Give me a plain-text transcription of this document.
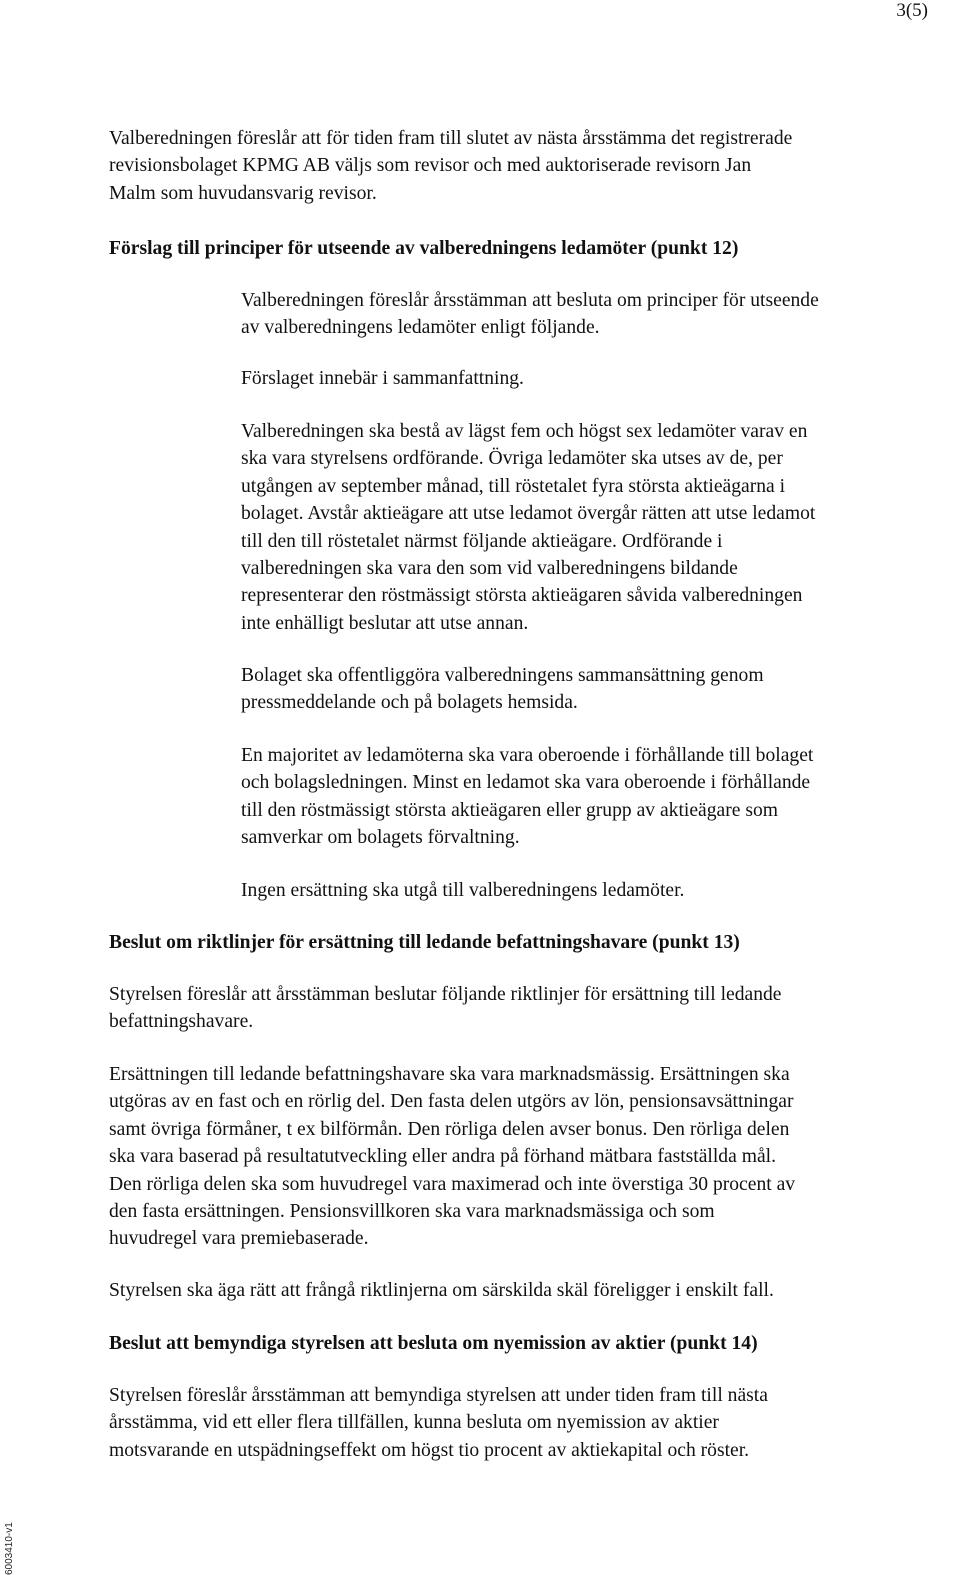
3(5)
6003410-v1
Valberedningen föreslår att för tiden fram till slutet av nästa årsstämma det registrerade
revisionsbolaget KPMG AB väljs som revisor och med auktoriserade revisorn Jan
Malm som huvudansvarig revisor.
Förslag till principer för utseende av valberedningens ledamöter (punkt 12)
Valberedningen föreslår årsstämman att besluta om principer för utseende
av valberedningens ledamöter enligt följande.
Förslaget innebär i sammanfattning.
Valberedningen ska bestå av lägst fem och högst sex ledamöter varav en
ska vara styrelsens ordförande. Övriga ledamöter ska utses av de, per
utgången av september månad, till röstetalet fyra största aktieägarna i
bolaget. Avstår aktieägare att utse ledamot övergår rätten att utse ledamot
till den till röstetalet närmst följande aktieägare. Ordförande i
valberedningen ska vara den som vid valberedningens bildande
representerar den röstmässigt största aktieägaren såvida valberedningen
inte enhälligt beslutar att utse annan.
Bolaget ska offentliggöra valberedningens sammansättning genom
pressmeddelande och på bolagets hemsida.
En majoritet av ledamöterna ska vara oberoende i förhållande till bolaget
och bolagsledningen. Minst en ledamot ska vara oberoende i förhållande
till den röstmässigt största aktieägaren eller grupp av aktieägare som
samverkar om bolagets förvaltning.
Ingen ersättning ska utgå till valberedningens ledamöter.
Beslut om riktlinjer för ersättning till ledande befattningshavare (punkt 13)
Styrelsen föreslår att årsstämman beslutar följande riktlinjer för ersättning till ledande
befattningshavare.
Ersättningen till ledande befattningshavare ska vara marknadsmässig. Ersättningen ska
utgöras av en fast och en rörlig del. Den fasta delen utgörs av lön, pensionsavsättningar
samt övriga förmåner, t ex bilförmån. Den rörliga delen avser bonus. Den rörliga delen
ska vara baserad på resultatutveckling eller andra på förhand mätbara fastställda mål.
Den rörliga delen ska som huvudregel vara maximerad och inte överstiga 30 procent av
den fasta ersättningen. Pensionsvillkoren ska vara marknadsmässiga och som
huvudregel vara premiebaserade.
Styrelsen ska äga rätt att frångå riktlinjerna om särskilda skäl föreligger i enskilt fall.
Beslut att bemyndiga styrelsen att besluta om nyemission av aktier (punkt 14)
Styrelsen föreslår årsstämman att bemyndiga styrelsen att under tiden fram till nästa
årsstämma, vid ett eller flera tillfällen, kunna besluta om nyemission av aktier
motsvarande en utspädningseffekt om högst tio procent av aktiekapital och röster.
